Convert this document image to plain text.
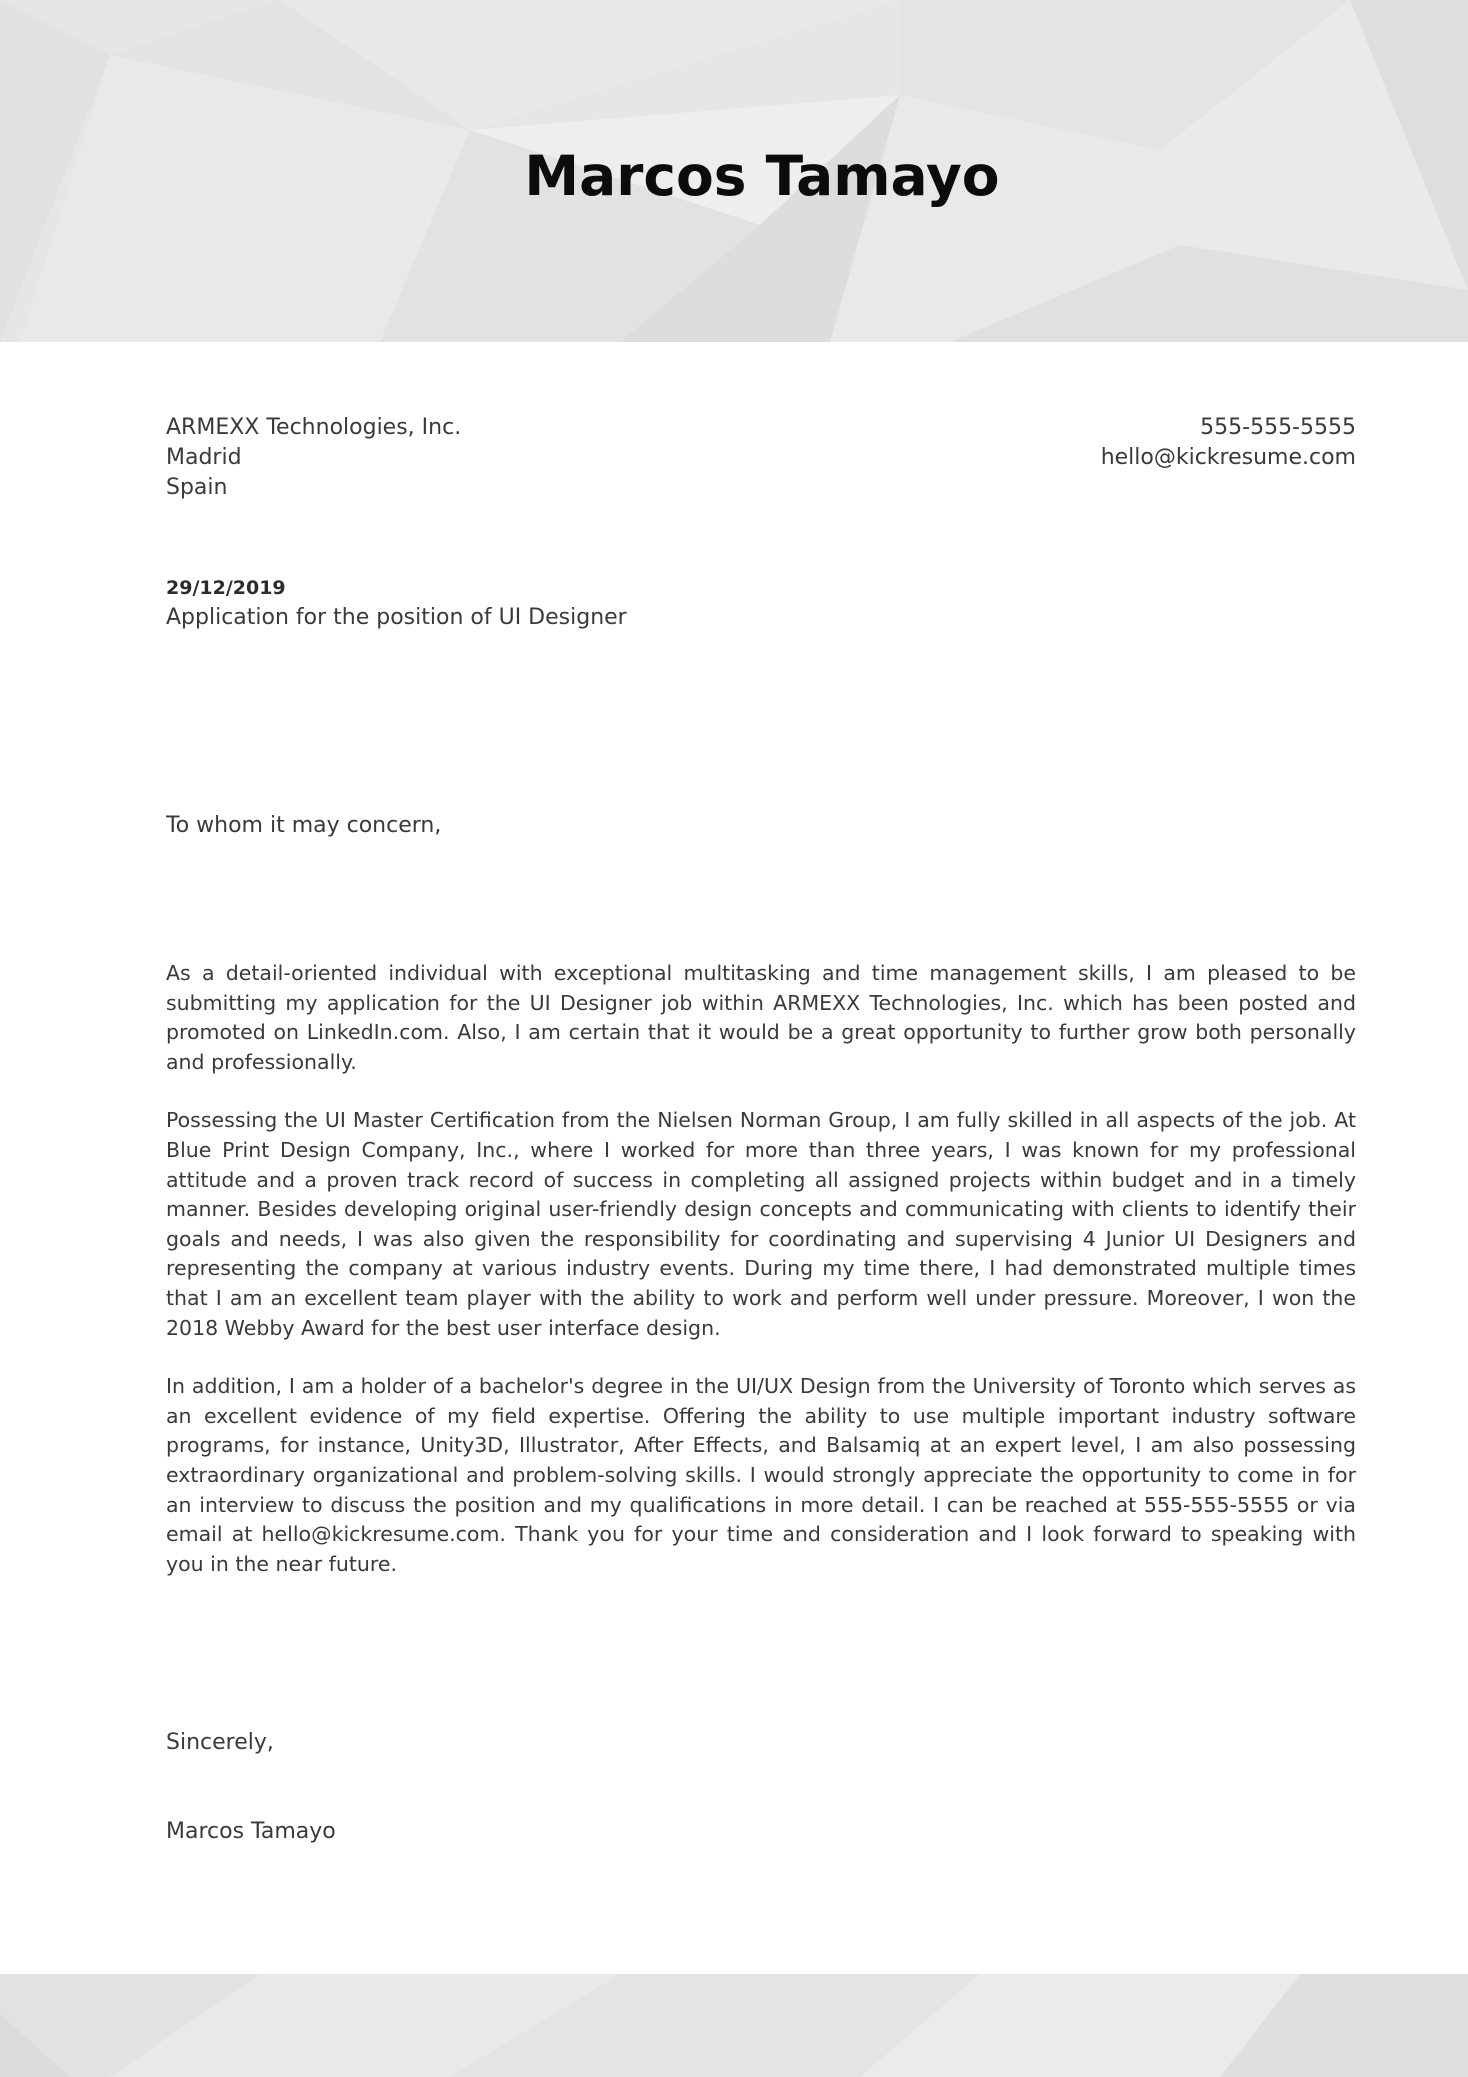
Marcos Tamayo
ARMEXX Technologies, Inc.
Madrid
Spain
555-555-5555
hello@kickresume.com
29/12/2019
Application for the position of UI Designer
To whom it may concern,

As a detail-oriented individual with exceptional multitasking and time management skills, I am pleased to be submitting my application for the UI Designer job within ARMEXX Technologies, Inc. which has been posted and promoted on LinkedIn.com. Also, I am certain that it would be a great opportunity to further grow both personally and professionally.

Possessing the UI Master Certification from the Nielsen Norman Group, I am fully skilled in all aspects of the job. At Blue Print Design Company, Inc., where I worked for more than three years, I was known for my professional attitude and a proven track record of success in completing all assigned projects within budget and in a timely manner. Besides developing original user-friendly design concepts and communicating with clients to identify their goals and needs, I was also given the responsibility for coordinating and supervising 4 Junior UI Designers and representing the company at various industry events. During my time there, I had demonstrated multiple times that I am an excellent team player with the ability to work and perform well under pressure. Moreover, I won the 2018 Webby Award for the best user interface design.

In addition, I am a holder of a bachelor's degree in the UI/UX Design from the University of Toronto which serves as an excellent evidence of my field expertise. Offering the ability to use multiple important industry software programs, for instance, Unity3D, Illustrator, After Effects, and Balsamiq at an expert level, I am also possessing extraordinary organizational and problem-solving skills. I would strongly appreciate the opportunity to come in for an interview to discuss the position and my qualifications in more detail. I can be reached at 555-555-5555 or via email at hello@kickresume.com. Thank you for your time and consideration and I look forward to speaking with you in the near future.

Sincerely,
Marcos Tamayo
